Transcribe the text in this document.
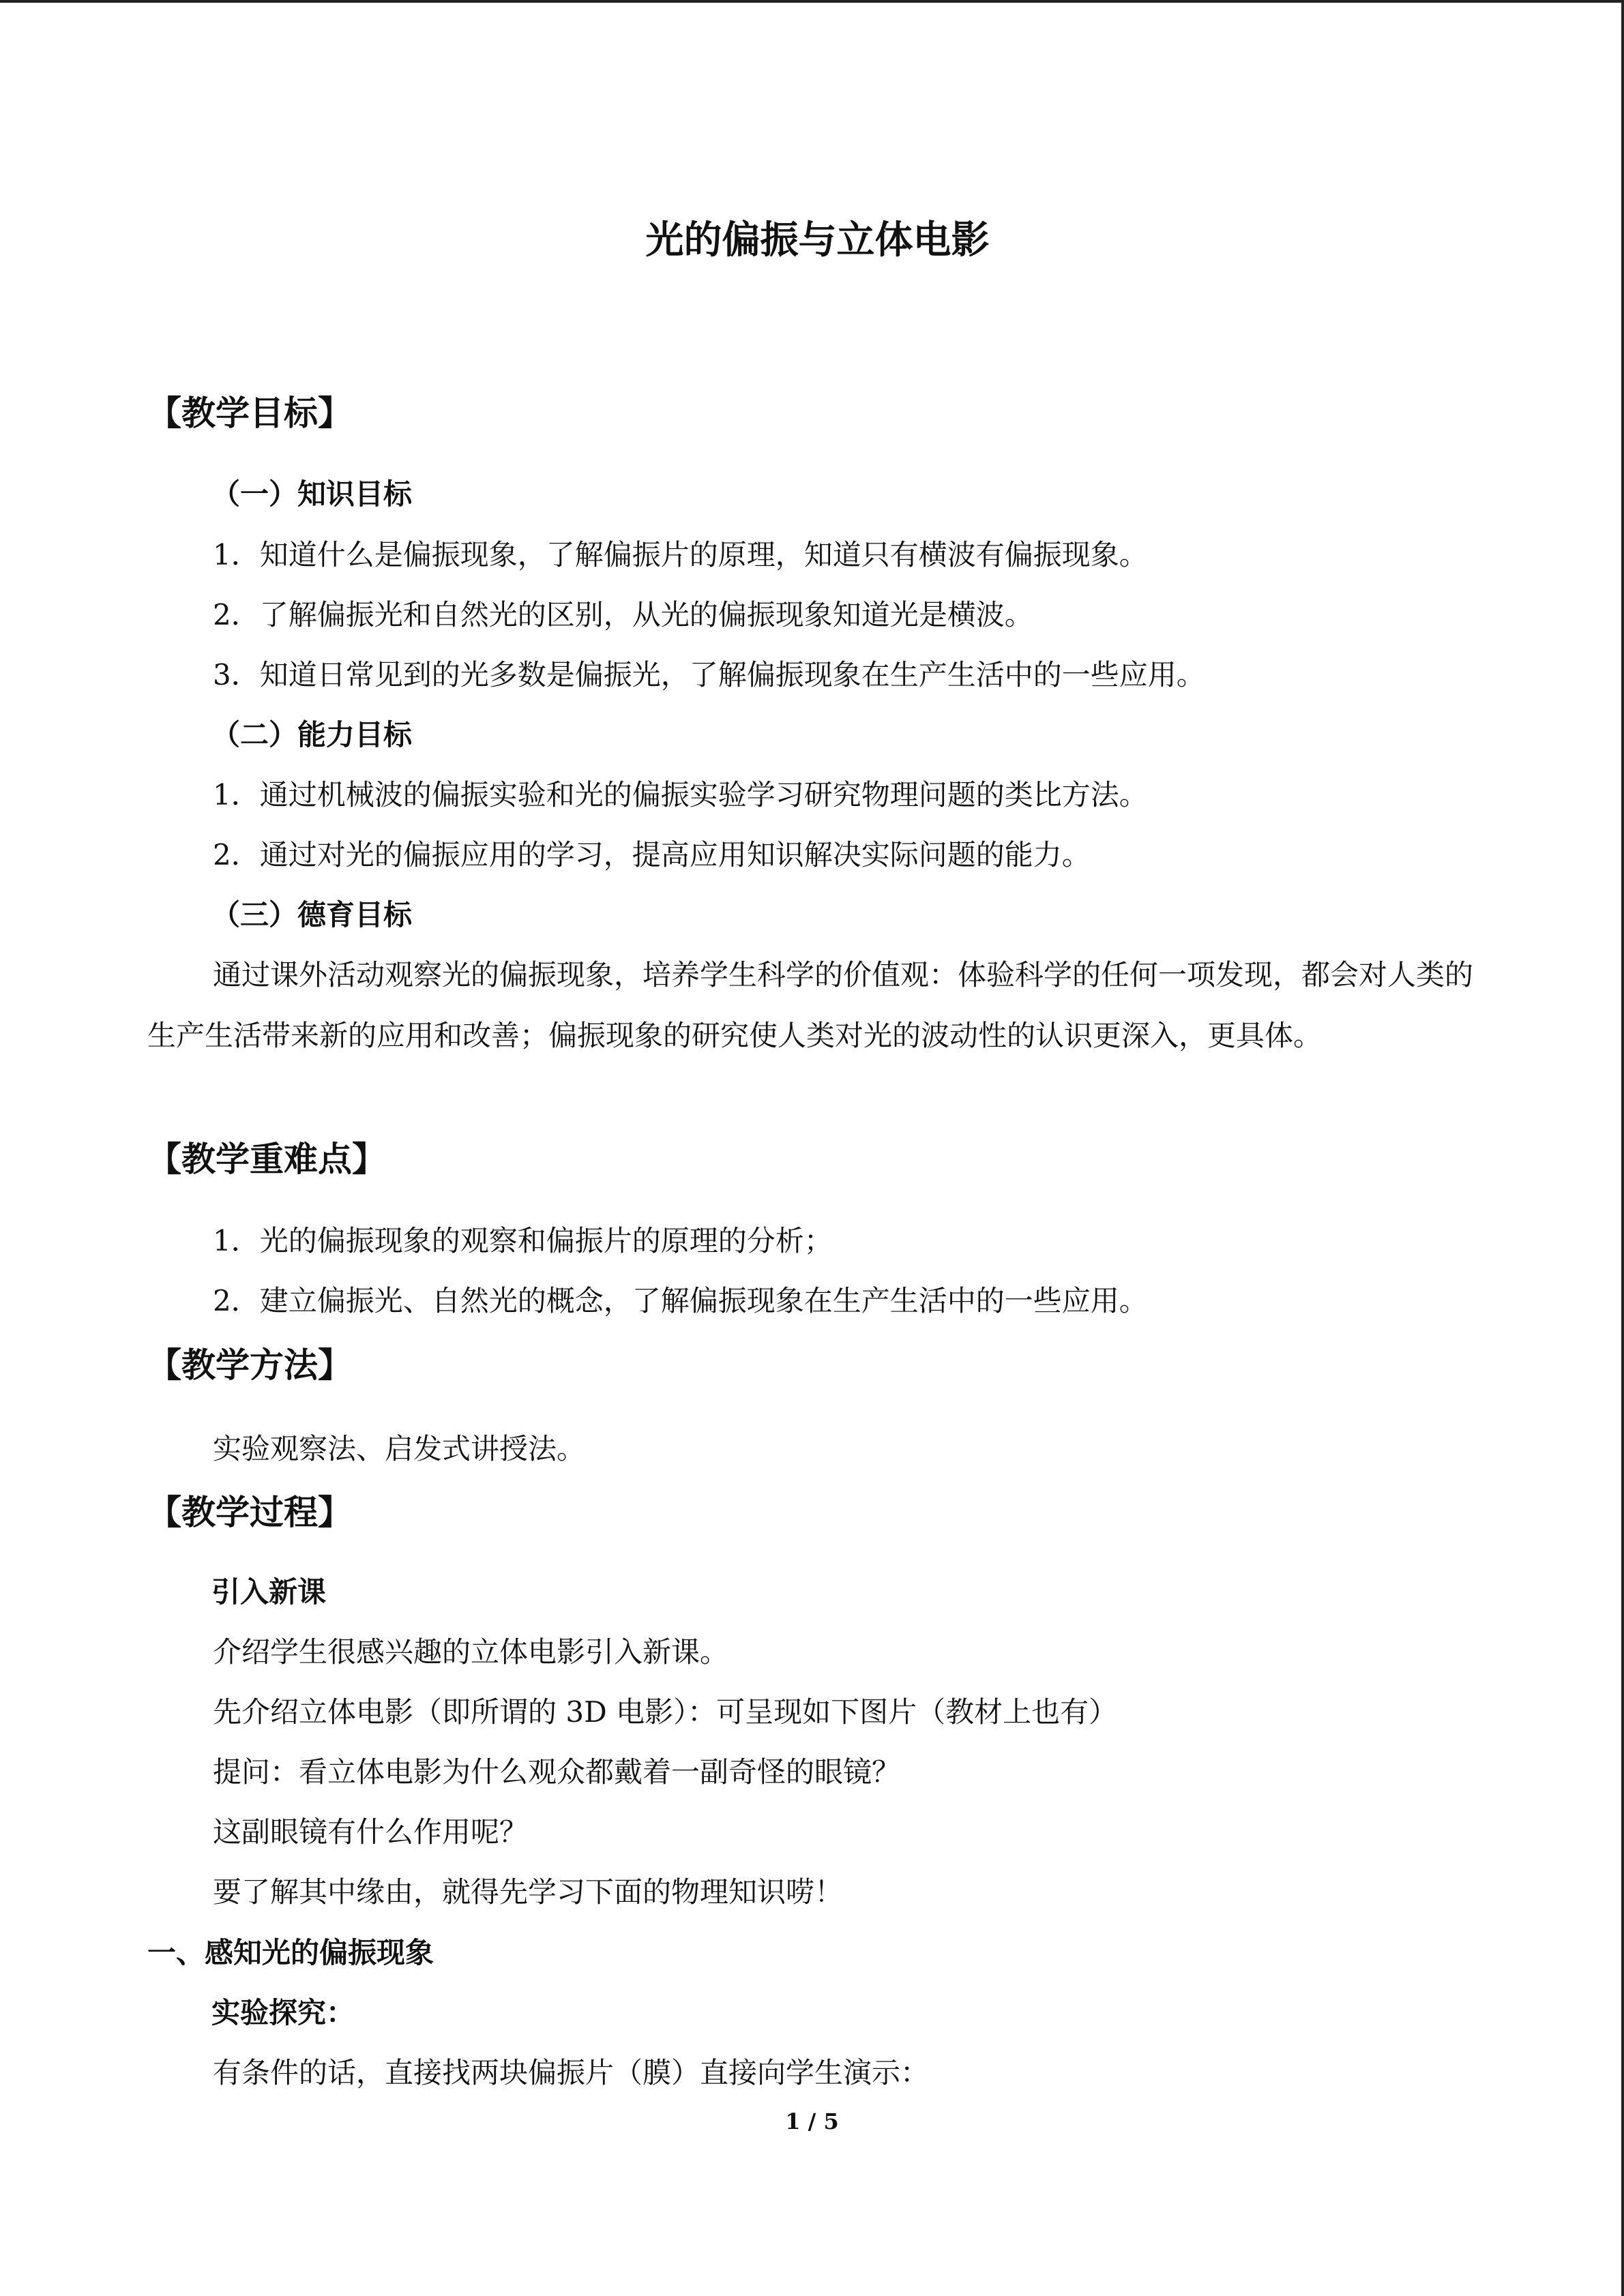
光的偏振与立体电影
【教学目标】
（一）知识目标

1．知道什么是偏振现象，了解偏振片的原理，知道只有横波有偏振现象。

2．了解偏振光和自然光的区别，从光的偏振现象知道光是横波。

3．知道日常见到的光多数是偏振光，了解偏振现象在生产生活中的一些应用。

（二）能力目标

1．通过机械波的偏振实验和光的偏振实验学习研究物理问题的类比方法。

2．通过对光的偏振应用的学习，提高应用知识解决实际问题的能力。

（三）德育目标

通过课外活动观察光的偏振现象，培养学生科学的价值观：体验科学的任何一项发现，都会对人类的生产生活带来新的应用和改善；偏振现象的研究使人类对光的波动性的认识更深入，更具体。

【教学重难点】

1．光的偏振现象的观察和偏振片的原理的分析；

2．建立偏振光、自然光的概念，了解偏振现象在生产生活中的一些应用。

【教学方法】

实验观察法、启发式讲授法。

【教学过程】
引入新课

介绍学生很感兴趣的立体电影引入新课。

先介绍立体电影（即所谓的 3D 电影）：可呈现如下图片（教材上也有）

提问：看立体电影为什么观众都戴着一副奇怪的眼镜？

这副眼镜有什么作用呢？

要了解其中缘由，就得先学习下面的物理知识唠！

一、感知光的偏振现象
实验探究：

有条件的话，直接找两块偏振片（膜）直接向学生演示：

1 / 5
